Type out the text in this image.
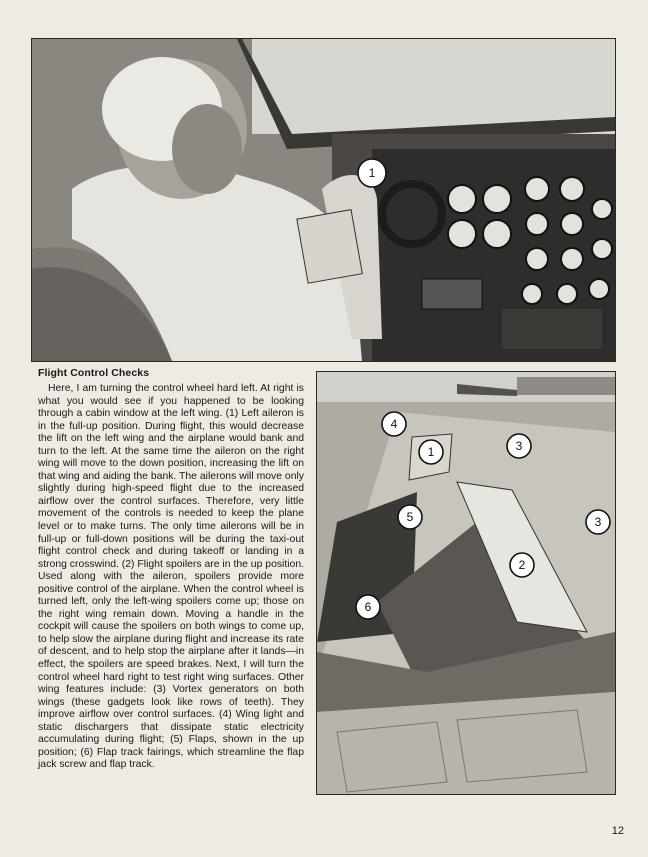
1

Flight Control Checks

Here, I am turning the control wheel hard left. At right is what you would see if you happened to be looking through a cabin window at the left wing. (1) Left aileron is in the full-up position. During flight, this would decrease the lift on the left wing and the airplane would bank and turn to the left. At the same time the aileron on the right wing will move to the down position, increasing the lift on that wing and aiding the bank. The ailerons will move only slightly during high-speed flight due to the increased airflow over the control surfaces. Therefore, very little movement of the controls is needed to keep the plane level or to make turns. The only time ailerons will be in full-up or full-down positions will be during the taxi-out flight control check and during takeoff or landing in a strong crosswind. (2) Flight spoilers are in the up position. Used along with the aileron, spoilers provide more positive control of the airplane. When the control wheel is turned left, only the left-wing spoilers come up; those on the right wing remain down. Moving a handle in the cockpit will cause the spoilers on both wings to come up, to help slow the airplane during flight and increase its rate of descent, and to help stop the airplane after it lands—in effect, the spoilers are speed brakes. Next, I will turn the control wheel hard right to test right wing surfaces. Other wing features include: (3) Vortex generators on both wings (these gadgets look like rows of teeth). They improve airflow over control surfaces. (4) Wing light and static dischargers that dissipate static electricity accumulating during flight; (5) Flaps, shown in the up position; (6) Flap track fairings, which streamline the flap jack screw and flap track.

4
1	3
5	3
2
6
12
